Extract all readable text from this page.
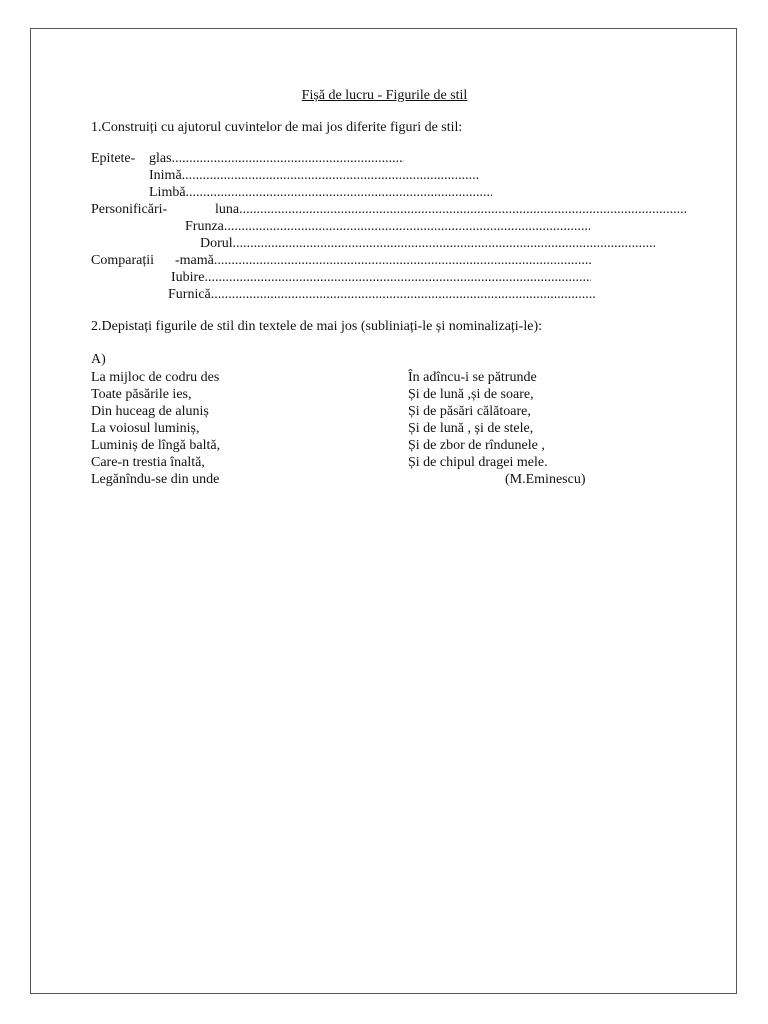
Fișă de lucru - Figurile de stil
1.Construiți cu ajutorul cuvintelor de mai jos diferite figuri de stil:
Epitete- glas
.....
Inimă
.....
Limbă
.....
Personificări-	luna
.....
Frunza
.....
Dorul
.....
Comparații -mamă
.....
Iubire
.....
Furnică
.....
2.Depistați figurile de stil din textele de mai jos (subliniați-le și nominalizați-le):
A)
La mijloc de codru des
Toate păsările ies,
Din huceag de aluniș
La voiosul luminiș,
Luminiș de lîngă baltă,
Care-n trestia înaltă,
Legănîndu-se din unde
În adîncu-i se pătrunde
Și de lună ,și de soare,
Și de păsări călătoare,
Și de lună , și de stele,
Și de zbor de rîndunele ,
Și de chipul dragei mele.
(M.Eminescu)
